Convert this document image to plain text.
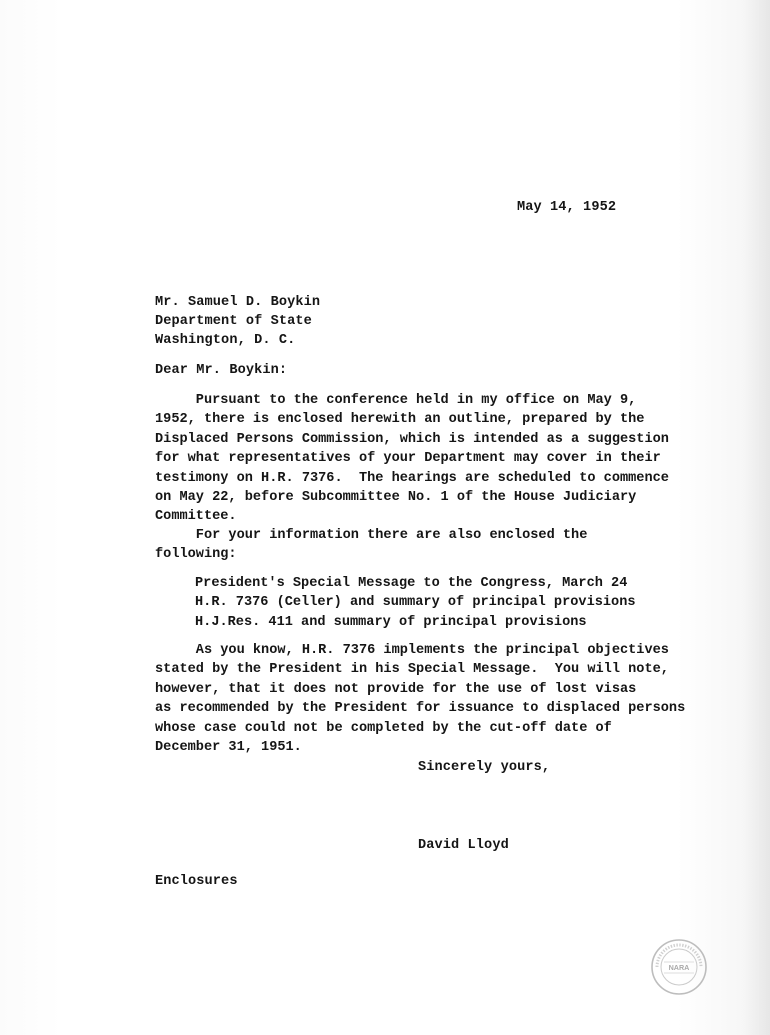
May 14, 1952
Mr. Samuel D. Boykin
Department of State
Washington, D. C.
Dear Mr. Boykin:
Pursuant to the conference held in my office on May 9,
1952, there is enclosed herewith an outline, prepared by the
Displaced Persons Commission, which is intended as a suggestion
for what representatives of your Department may cover in their
testimony on H.R. 7376.  The hearings are scheduled to commence
on May 22, before Subcommittee No. 1 of the House Judiciary
Committee.
For your information there are also enclosed the
following:
President's Special Message to the Congress, March 24
H.R. 7376 (Celler) and summary of principal provisions
H.J.Res. 411 and summary of principal provisions
As you know, H.R. 7376 implements the principal objectives
stated by the President in his Special Message.  You will note,
however, that it does not provide for the use of lost visas
as recommended by the President for issuance to displaced persons
whose case could not be completed by the cut-off date of
December 31, 1951.
Sincerely yours,
David Lloyd
Enclosures
NARA
